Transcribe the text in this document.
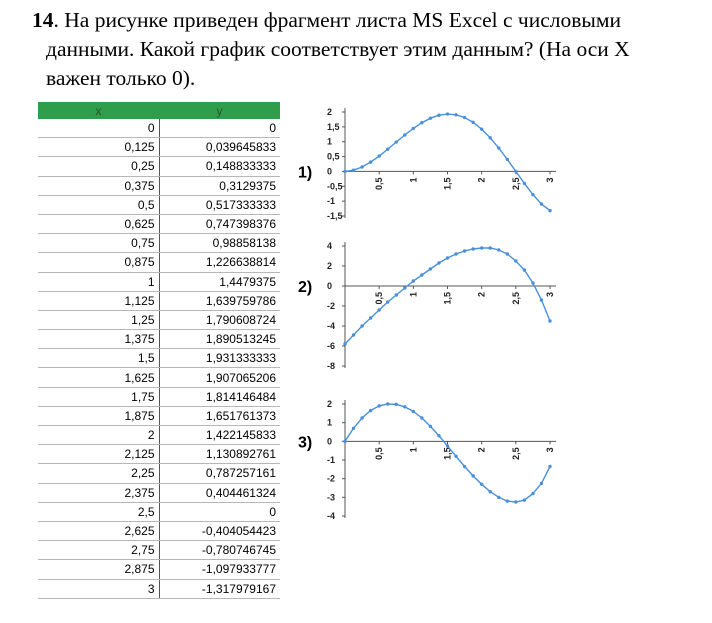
14. На рисунке приведен фрагмент листа MS Excel с числовыми
данными. Какой график соответствует этим данным? (На оси X
важен только 0).
x	y
0	0
0,125	0,039645833
0,25	0,148833333
0,375	0,3129375
0,5	0,517333333
0,625	0,747398376
0,75	0,98858138
0,875	1,226638814
1	1,4479375
1,125	1,639759786
1,25	1,790608724
1,375	1,890513245
1,5	1,931333333
1,625	1,907065206
1,75	1,814146484
1,875	1,651761373
2	1,422145833
2,125	1,130892761
2,25	0,787257161
2,375	0,404461324
2,5	0
2,625	-0,404054423
2,75	-0,780746745
2,875	-1,097933777
3	-1,317979167
1)
2
1,5
1
0,5
0
-0,5
-1
-1,5
0,5	1	1,5	2	2,5	3
2)
4
2
0
-2
-4
-6
-8
0,5	1	1,5	2	2,5	3
3)
2
1
0
-1
-2
-3
-4
0,5	1	1,5	2	2,5	3
